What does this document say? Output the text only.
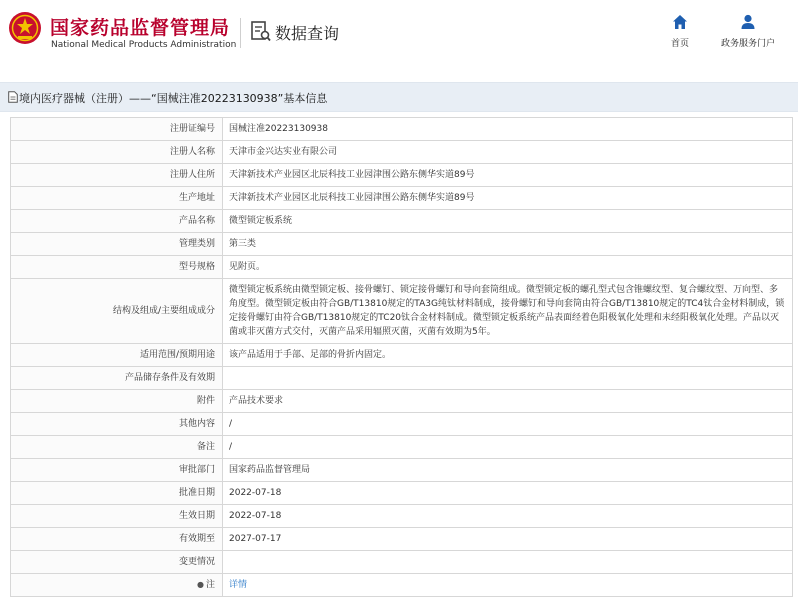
国家药品监督管理局
National Medical Products Administration
数据查询
首页	政务服务门户
境内医疗器械（注册）——“国械注准20223130938”基本信息
注册证编号	国械注准20223130938
注册人名称	天津市金兴达实业有限公司
注册人住所	天津新技术产业园区北辰科技工业园津围公路东侧华实道89号
生产地址	天津新技术产业园区北辰科技工业园津围公路东侧华实道89号
产品名称	微型锁定板系统
管理类别	第三类
型号规格	见附页。
结构及组成/主要组成成分	微型锁定板系统由微型锁定板、接骨螺钉、锁定接骨螺钉和导向套筒组成。微型锁定板的螺孔型式包含锥螺纹型、复合螺纹型、万向型、多角度型。微型锁定板由符合GB/T13810规定的TA3G纯钛材料制成，接骨螺钉和导向套筒由符合GB/T13810规定的TC4钛合金材料制成，锁定接骨螺钉由符合GB/T13810规定的TC20钛合金材料制成。微型锁定板系统产品表面经着色阳极氧化处理和未经阳极氧化处理。产品以灭菌或非灭菌方式交付，灭菌产品采用辐照灭菌，灭菌有效期为5年。
适用范围/预期用途	该产品适用于手部、足部的骨折内固定。
产品储存条件及有效期	
附件	产品技术要求
其他内容	/
备注	/
审批部门	国家药品监督管理局
批准日期	2022-07-18
生效日期	2022-07-18
有效期至	2027-07-17
变更情况	
● 注	详情
